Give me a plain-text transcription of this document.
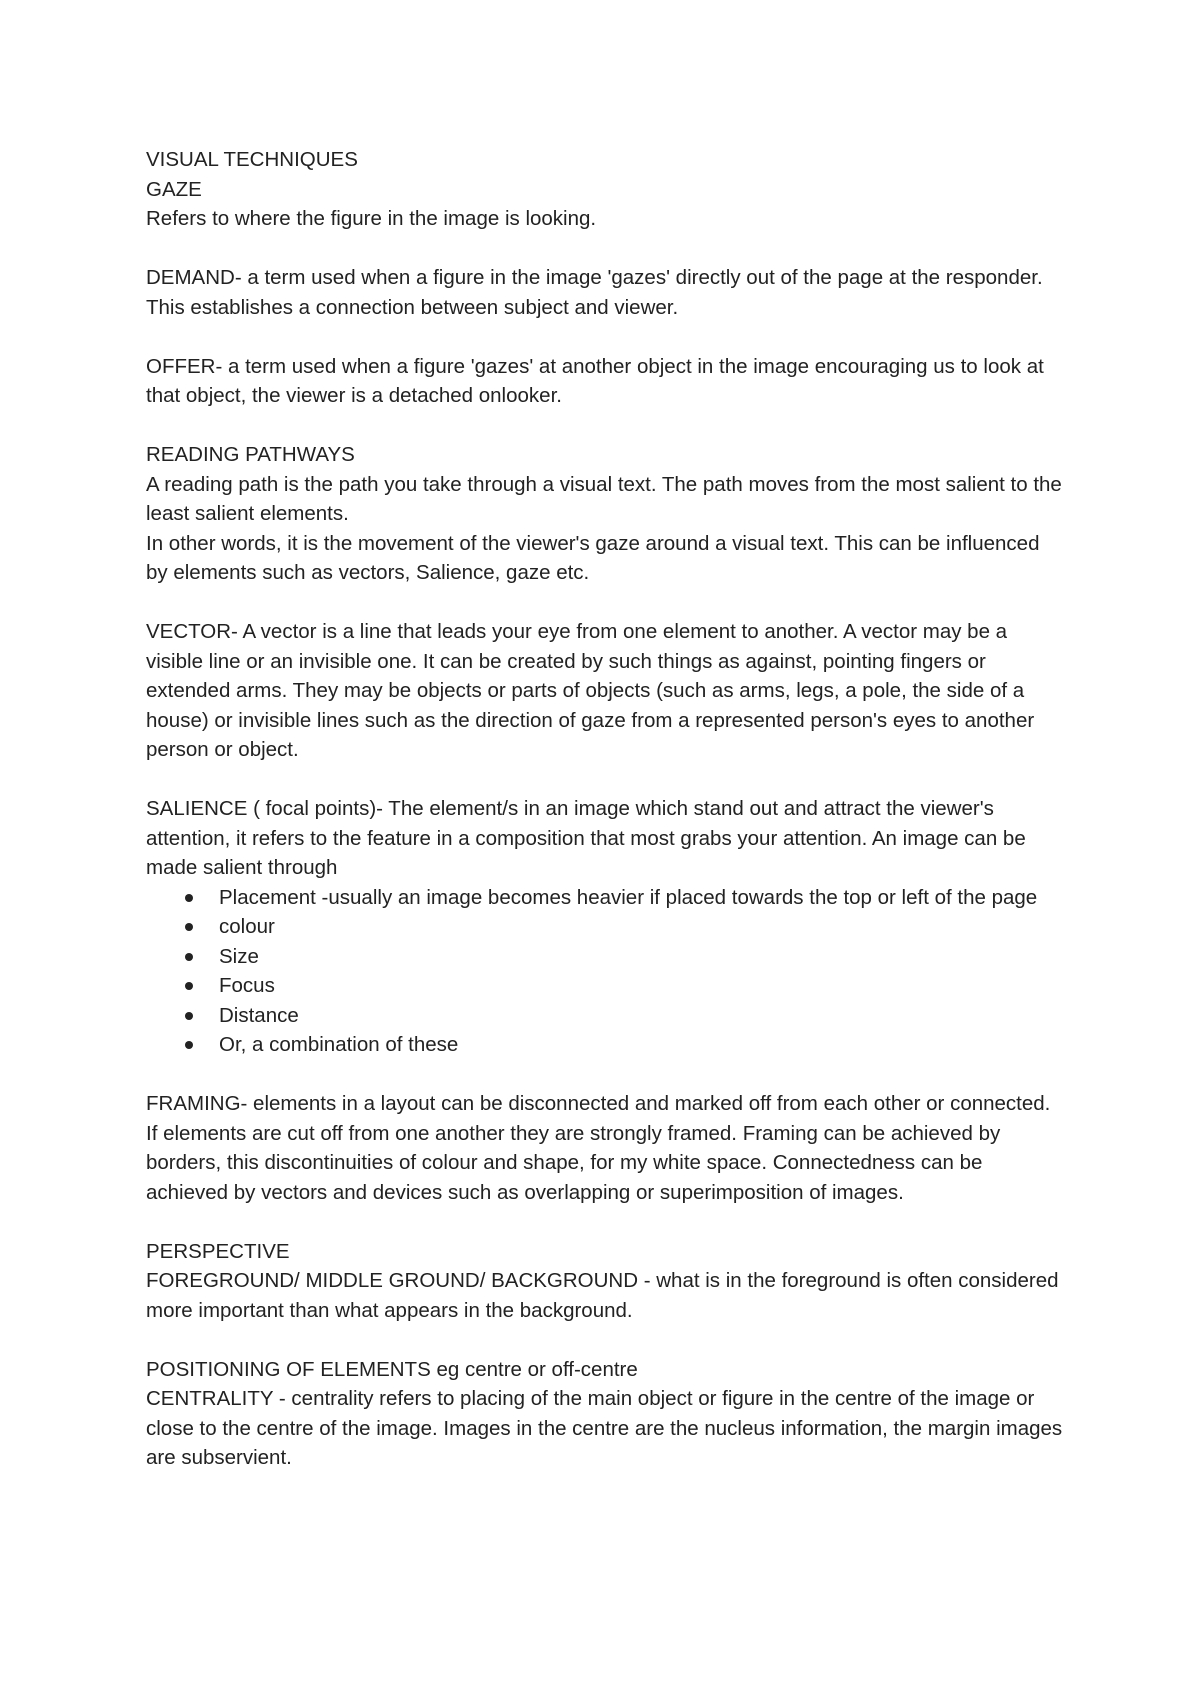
VISUAL TECHNIQUES

GAZE

Refers to where the figure in the image is looking.

DEMAND- a term used when a figure in the image 'gazes' directly out of the page at the responder. This establishes a connection between subject and viewer.

OFFER- a term used when a figure 'gazes' at another object in the image encouraging us to look at that object, the viewer is a detached onlooker.

READING PATHWAYS

A reading path is the path you take through a visual text. The path moves from the most salient to the least salient elements.

In other words, it is the movement of the viewer's gaze around a visual text. This can be influenced by elements such as vectors, Salience, gaze etc.

VECTOR- A vector is a line that leads your eye from one element to another. A vector may be a visible line or an invisible one. It can be created by such things as against, pointing fingers or extended arms. They may be objects or parts of objects (such as arms, legs, a pole, the side of a house) or invisible lines such as the direction of gaze from a represented person's eyes to another person or object.

SALIENCE ( focal points)- The element/s in an image which stand out and attract the viewer's attention, it refers to the feature in a composition that most grabs your attention. An image can be made salient through

Placement -usually an image becomes heavier if placed towards the top or left of the page
colour
Size
Focus
Distance
Or, a combination of these

FRAMING- elements in a layout can be disconnected and marked off from each other or connected. If elements are cut off from one another they are strongly framed. Framing can be achieved by borders, this discontinuities of colour and shape, for my white space. Connectedness can be achieved by vectors and devices such as overlapping or superimposition of images.

PERSPECTIVE

FOREGROUND/ MIDDLE GROUND/ BACKGROUND - what is in the foreground is often considered more important than what appears in the background.

POSITIONING OF ELEMENTS eg centre or off-centre

CENTRALITY - centrality refers to placing of the main object or figure in the centre of the image or close to the centre of the image. Images in the centre are the nucleus information, the margin images are subservient.
